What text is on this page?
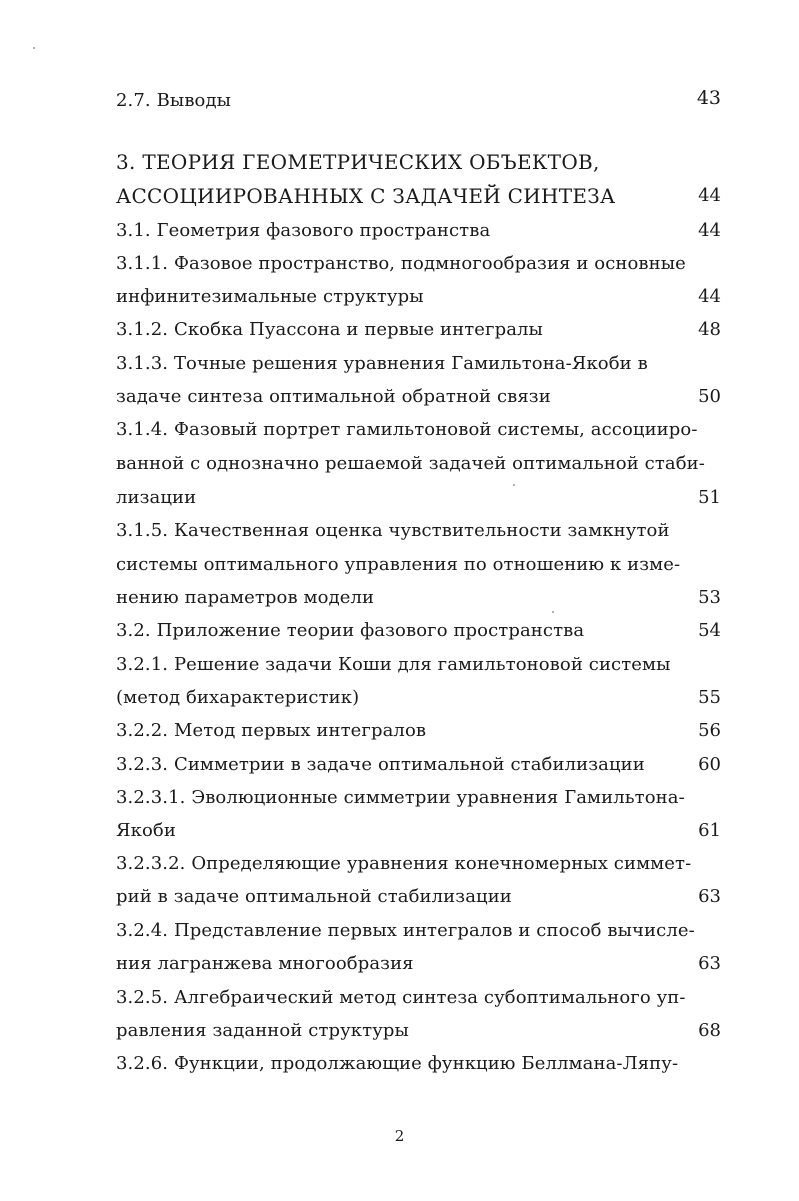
2.7. Выводы	43
3. ТЕОРИЯ ГЕОМЕТРИЧЕСКИХ ОБЪЕКТОВ,
АССОЦИИРОВАННЫХ С ЗАДАЧЕЙ СИНТЕЗА	44
3.1. Геометрия фазового пространства	44
3.1.1. Фазовое пространство, подмногообразия и основные
инфинитезимальные структуры	44
3.1.2. Скобка Пуассона и первые интегралы	48
3.1.3. Точные решения уравнения Гамильтона-Якоби в
задаче синтеза оптимальной обратной связи	50
3.1.4. Фазовый портрет гамильтоновой системы, ассоцииро-
ванной с однозначно решаемой задачей оптимальной стаби-
лизации	51
3.1.5. Качественная оценка чувствительности замкнутой
системы оптимального управления по отношению к изме-
нению параметров модели	53
3.2. Приложение теории фазового пространства	54
3.2.1. Решение задачи Коши для гамильтоновой системы
(метод бихарактеристик)	55
3.2.2. Метод первых интегралов	56
3.2.3. Симметрии в задаче оптимальной стабилизации	60
3.2.3.1. Эволюционные симметрии уравнения Гамильтона-
Якоби	61
3.2.3.2. Определяющие уравнения конечномерных симмет-
рий в задаче оптимальной стабилизации	63
3.2.4. Представление первых интегралов и способ вычисле-
ния лагранжева многообразия	63
3.2.5. Алгебраический метод синтеза субоптимального уп-
равления заданной структуры	68
3.2.6. Функции, продолжающие функцию Беллмана-Ляпу-
2
